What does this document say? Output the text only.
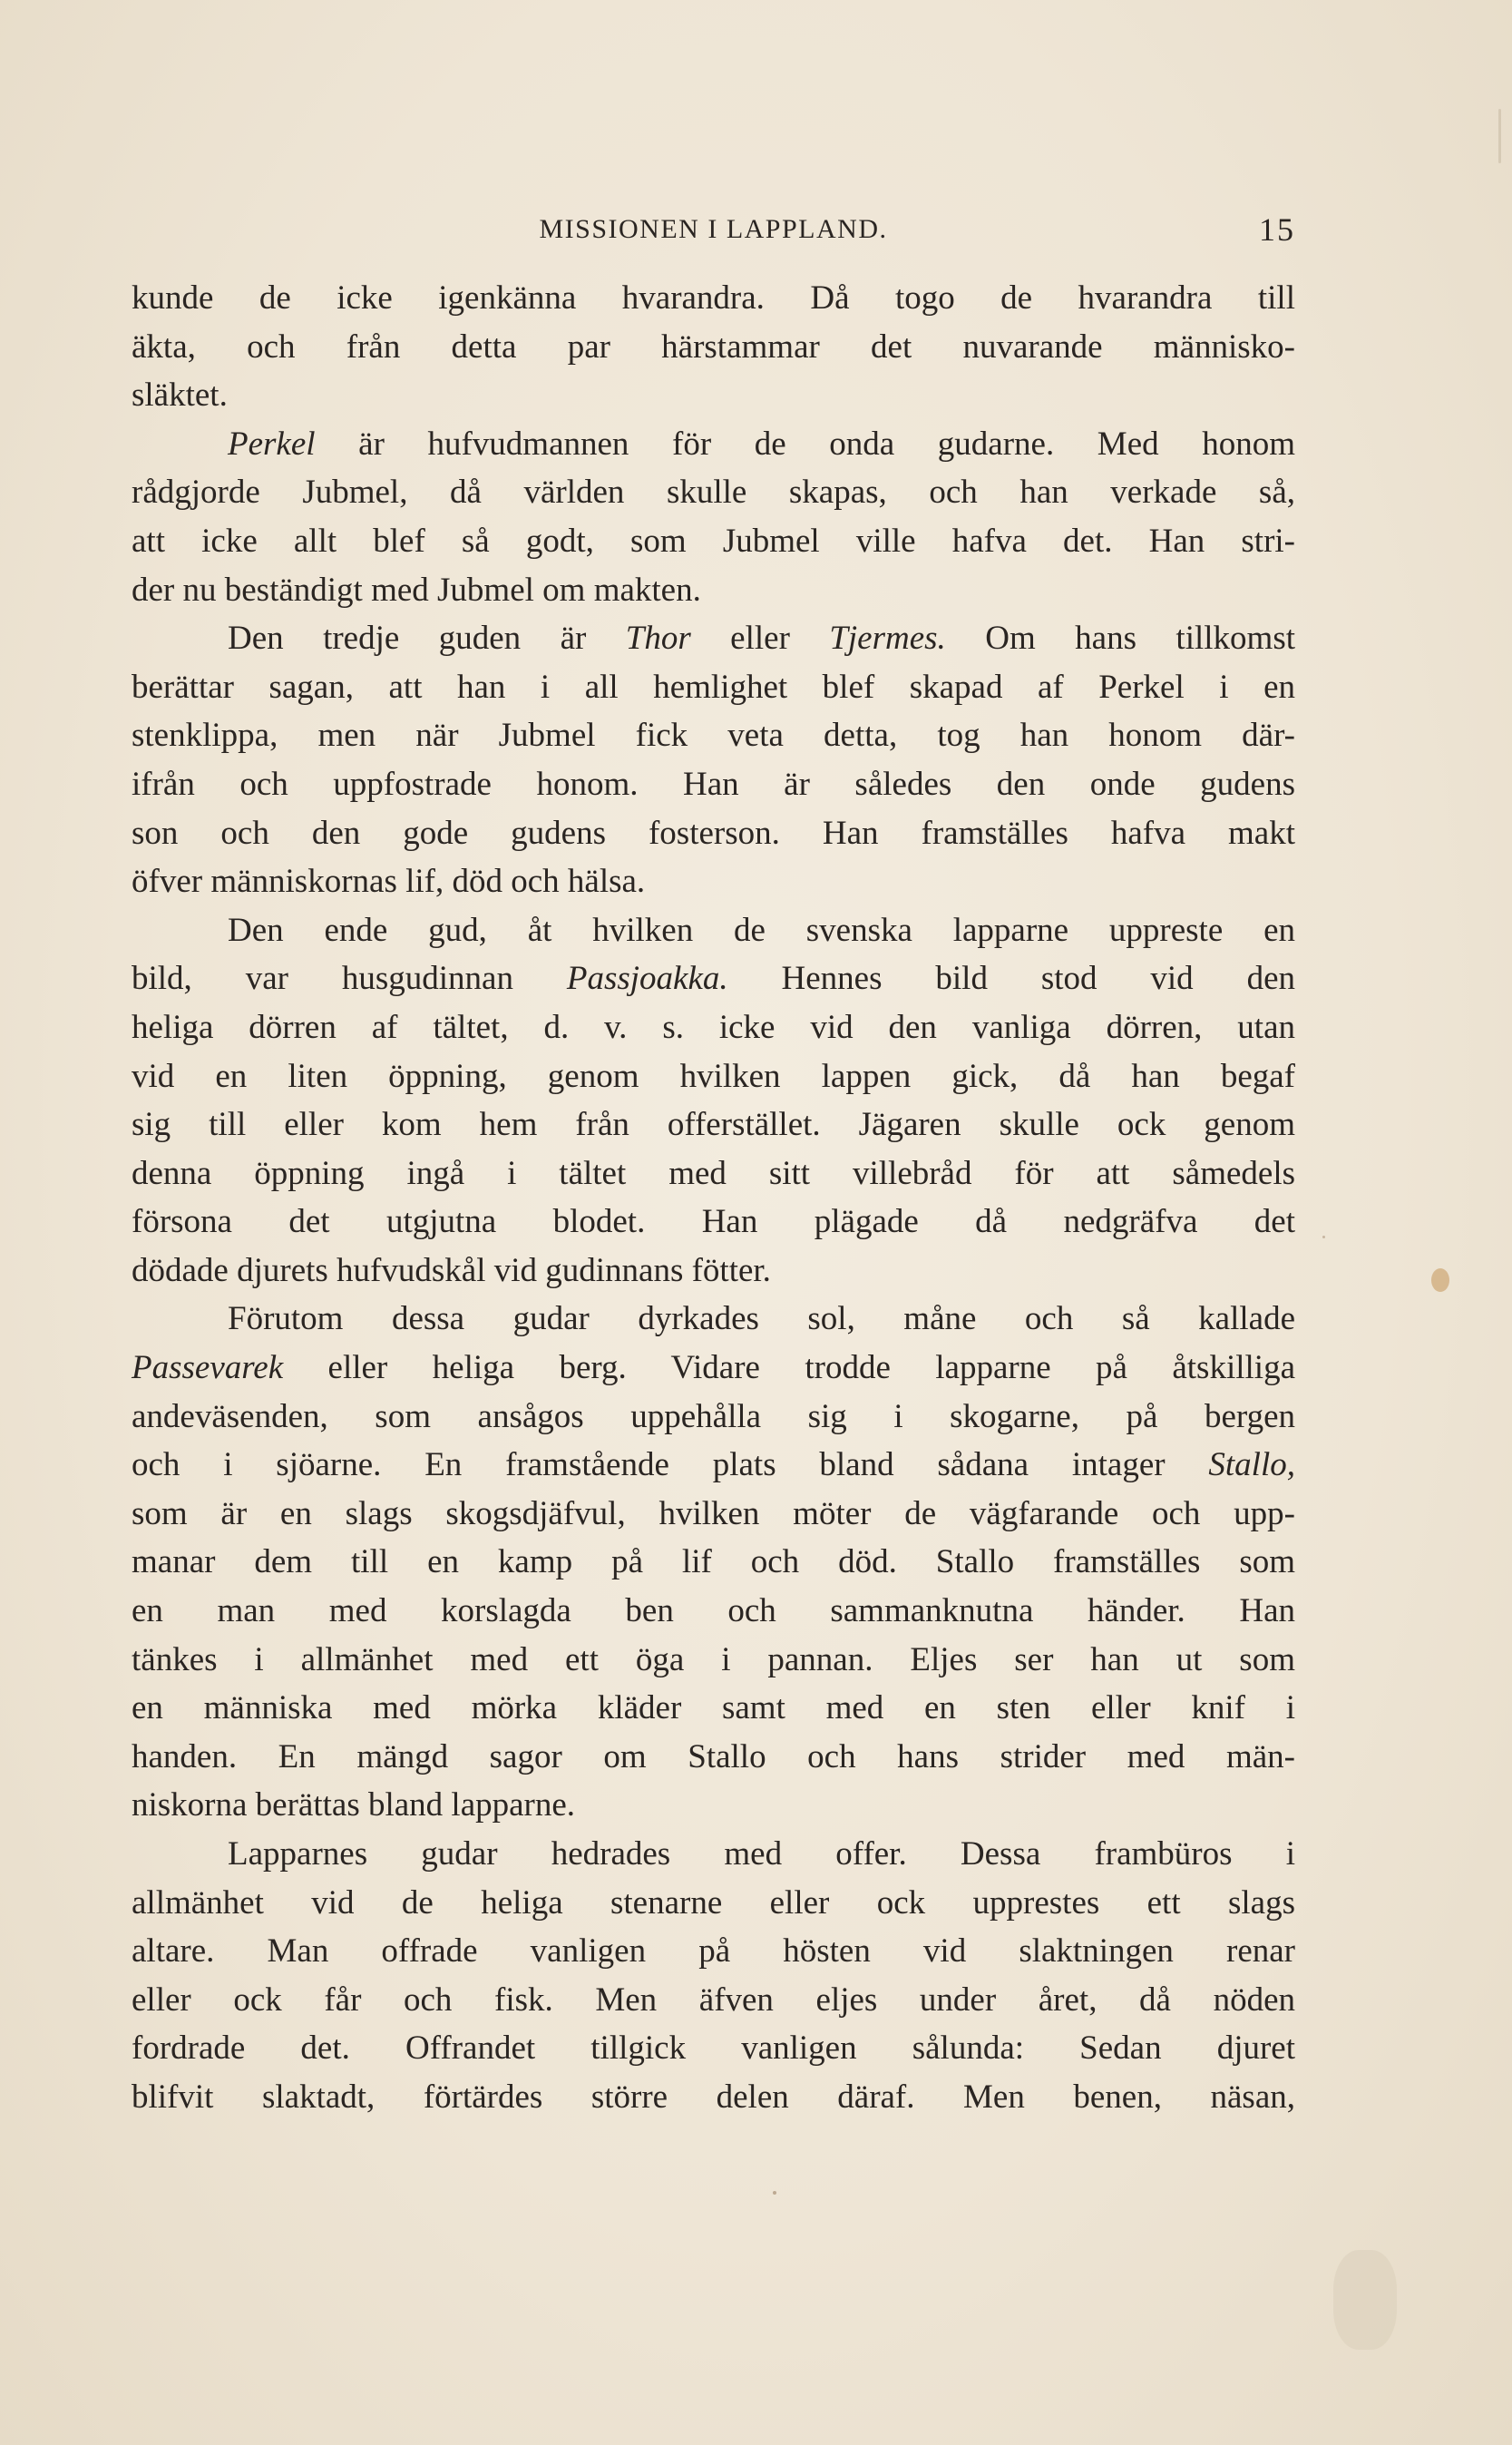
MISSIONEN I LAPPLAND.	15
kunde de icke igenkänna hvarandra. Då togo de hvarandra till
äkta, och från detta par härstammar det nuvarande människo-
släktet.
Perkel är hufvudmannen för de onda gudarne. Med honom
rådgjorde Jubmel, då världen skulle skapas, och han verkade så,
att icke allt blef så godt, som Jubmel ville hafva det. Han stri-
der nu beständigt med Jubmel om makten.
Den tredje guden är Thor eller Tjermes. Om hans tillkomst
berättar sagan, att han i all hemlighet blef skapad af Perkel i en
stenklippa, men när Jubmel fick veta detta, tog han honom där-
ifrån och uppfostrade honom. Han är således den onde gudens
son och den gode gudens fosterson. Han framställes hafva makt
öfver människornas lif, död och hälsa.
Den ende gud, åt hvilken de svenska lapparne uppreste en
bild, var husgudinnan Passjoakka. Hennes bild stod vid den
heliga dörren af tältet, d. v. s. icke vid den vanliga dörren, utan
vid en liten öppning, genom hvilken lappen gick, då han begaf
sig till eller kom hem från offerstället. Jägaren skulle ock genom
denna öppning ingå i tältet med sitt villebråd för att såmedels
försona det utgjutna blodet. Han plägade då nedgräfva det
dödade djurets hufvudskål vid gudinnans fötter.
Förutom dessa gudar dyrkades sol, måne och så kallade
Passevarek eller heliga berg. Vidare trodde lapparne på åtskilliga
andeväsenden, som ansågos uppehålla sig i skogarne, på bergen
och i sjöarne. En framstående plats bland sådana intager Stallo,
som är en slags skogsdjäfvul, hvilken möter de vägfarande och upp-
manar dem till en kamp på lif och död. Stallo framställes som
en man med korslagda ben och sammanknutna händer. Han
tänkes i allmänhet med ett öga i pannan. Eljes ser han ut som
en människa med mörka kläder samt med en sten eller knif i
handen. En mängd sagor om Stallo och hans strider med män-
niskorna berättas bland lapparne.
Lapparnes gudar hedrades med offer. Dessa frambüros i
allmänhet vid de heliga stenarne eller ock upprestes ett slags
altare. Man offrade vanligen på hösten vid slaktningen renar
eller ock får och fisk. Men äfven eljes under året, då nöden
fordrade det. Offrandet tillgick vanligen sålunda: Sedan djuret
blifvit slaktadt, förtärdes större delen däraf. Men benen, näsan,
